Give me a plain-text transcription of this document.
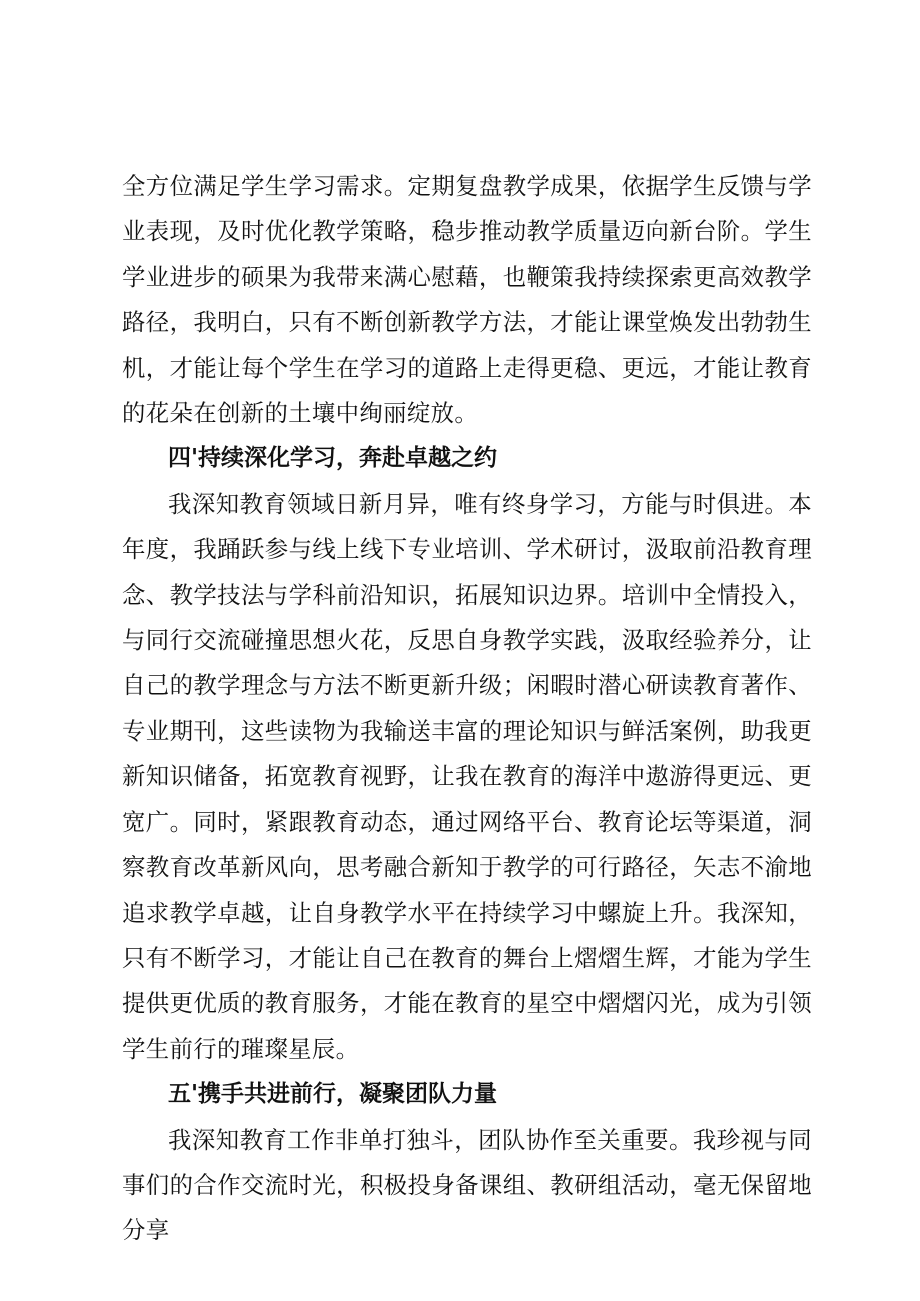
全方位满足学生学习需求。定期复盘教学成果，依据学生反馈与学业表现，及时优化教学策略，稳步推动教学质量迈向新台阶。学生学业进步的硕果为我带来满心慰藉，也鞭策我持续探索更高效教学路径，我明白，只有不断创新教学方法，才能让课堂焕发出勃勃生机，才能让每个学生在学习的道路上走得更稳、更远，才能让教育的花朵在创新的土壤中绚丽绽放。

四'持续深化学习，奔赴卓越之约

我深知教育领域日新月异，唯有终身学习，方能与时俱进。本年度，我踊跃参与线上线下专业培训、学术研讨，汲取前沿教育理念、教学技法与学科前沿知识，拓展知识边界。培训中全情投入，与同行交流碰撞思想火花，反思自身教学实践，汲取经验养分，让自己的教学理念与方法不断更新升级；闲暇时潜心研读教育著作、专业期刊，这些读物为我输送丰富的理论知识与鲜活案例，助我更新知识储备，拓宽教育视野，让我在教育的海洋中遨游得更远、更宽广。同时，紧跟教育动态，通过网络平台、教育论坛等渠道，洞察教育改革新风向，思考融合新知于教学的可行路径，矢志不渝地追求教学卓越，让自身教学水平在持续学习中螺旋上升。我深知，只有不断学习，才能让自己在教育的舞台上熠熠生辉，才能为学生提供更优质的教育服务，才能在教育的星空中熠熠闪光，成为引领学生前行的璀璨星辰。

五'携手共进前行，凝聚团队力量

我深知教育工作非单打独斗，团队协作至关重要。我珍视与同事们的合作交流时光，积极投身备课组、教研组活动，毫无保留地分享
